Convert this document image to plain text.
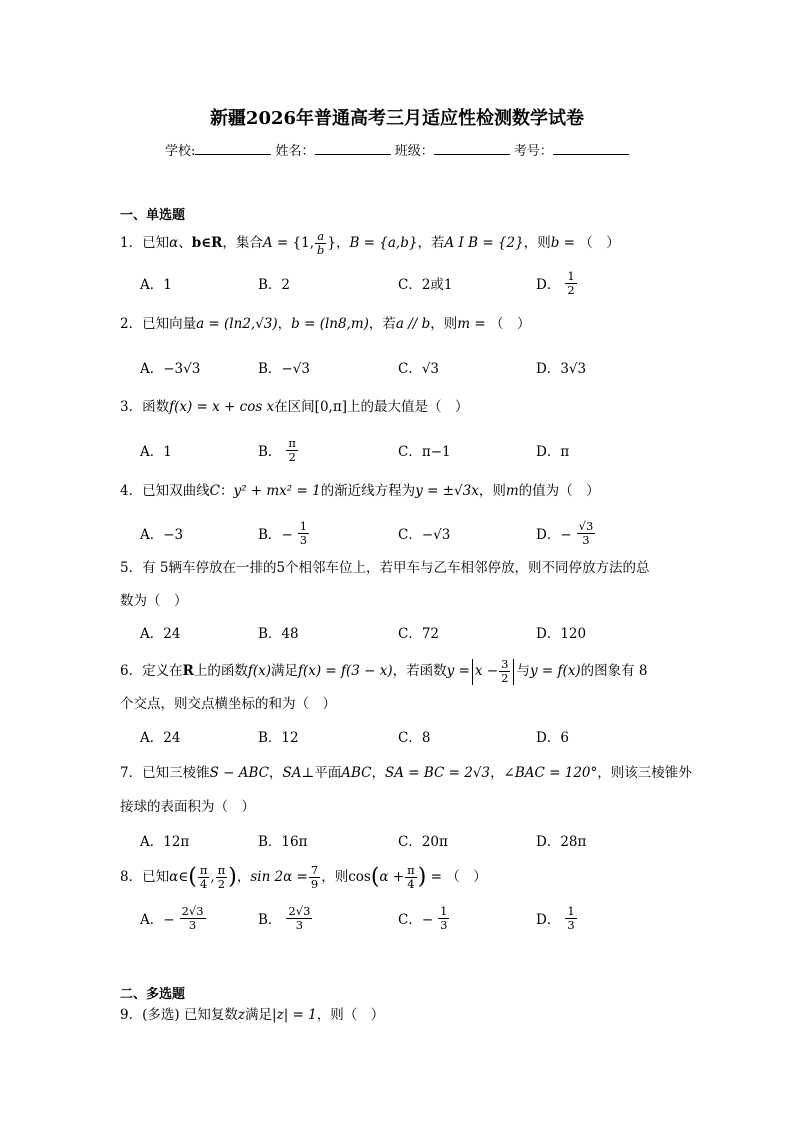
新疆2026年普通高考三月适应性检测数学试卷
学校:	姓名：	班级：	考号：
一、单选题
1．已知α、b∈R，集合A = {1, $\frac{a}{b}$ }，B = {a,b}，若A I B = {2}，则b = （　）
A．1	B．2	C．2或1	D． $\frac{1}{2}$
2．已知向量a = (ln2,√3)，b = (ln8,m)，若a // b，则m = （　）
A．−3√3	B．−√3	C．√3	D．3√3
3．函数f(x) = x + cos x在区间[0,π]上的最大值是（　）
A．1	B． $\frac{\pi}{2}$	C．π−1	D．π
4．已知双曲线C：y² + mx² = 1的渐近线方程为y = ±√3x，则m的值为（　）
A．−3	B．− $\frac{1}{3}$	C．−√3	D．− $\frac{√3}{3}$
5．有 5辆车停放在一排的5个相邻车位上，若甲车与乙车相邻停放，则不同停放方法的总
数为（　）
A．24	B．48	C．72	D．120
6．定义在R上的函数f(x)满足f(x) = f(3 − x)，若函数$y = x - \frac{3}{2}$ 与y = f(x)的图象有 8
个交点，则交点横坐标的和为（　）
A．24	B．12	C．8	D．6
7．已知三棱锥S − ABC，SA⊥平面ABC，SA = BC = 2√3，∠BAC = 120°，则该三棱锥外
接球的表面积为（　）
A．12π	B．16π	C．20π	D．28π
8．已知α∈( $\frac{\pi}{4}$ , $\frac{\pi}{2}$ )，$\sin 2\alpha = \frac{7}{9}$ ，则$\cos(\alpha + \frac{\pi}{4}$ ) = （　）
A．− $\frac{2√3}{3}$	B． $\frac{2√3}{3}$	C．− $\frac{1}{3}$	D． $\frac{1}{3}$
二、多选题
9．(多选) 已知复数z满足|z| = 1，则（　）
